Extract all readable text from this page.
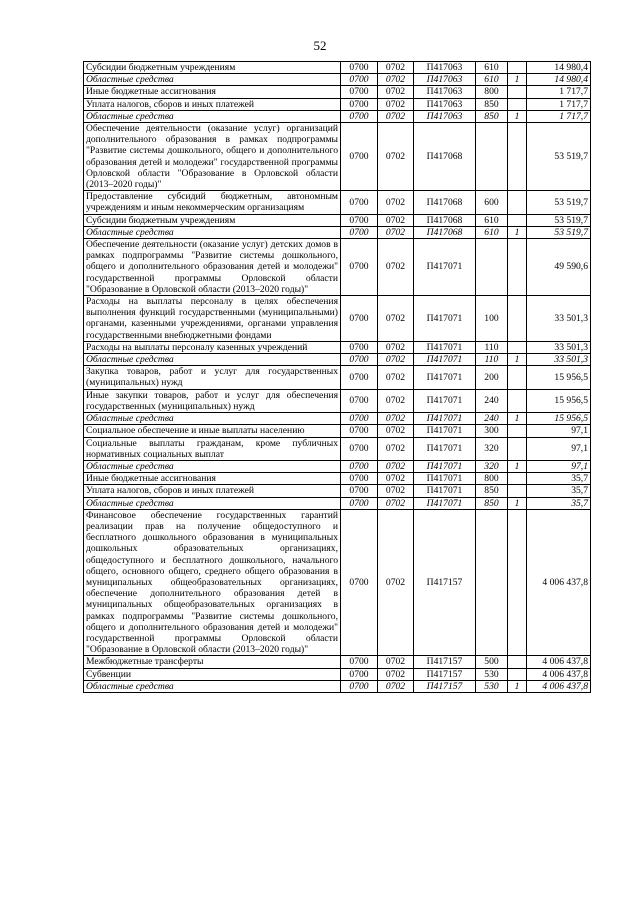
52
Субсидии бюджетным учреждениям	0700	0702	П417063	610		14 980,4
Областные средства	0700	0702	П417063	610	1	14 980,4
Иные бюджетные ассигнования	0700	0702	П417063	800		1 717,7
Уплата налогов, сборов и иных платежей	0700	0702	П417063	850		1 717,7
Областные средства	0700	0702	П417063	850	1	1 717,7
Обеспечение деятельности (оказание услуг) организаций дополнительного образования в рамках подпрограммы "Развитие системы дошкольного, общего и дополнительного образования детей и молодежи" государственной программы Орловской области "Образование в Орловской области (2013–2020 годы)"	0700	0702	П417068			53 519,7
Предоставление субсидий бюджетным, автономным учреждениям и иным некоммерческим организациям	0700	0702	П417068	600		53 519,7
Субсидии бюджетным учреждениям	0700	0702	П417068	610		53 519,7
Областные средства	0700	0702	П417068	610	1	53 519,7
Обеспечение деятельности (оказание услуг) детских домов в рамках подпрограммы "Развитие системы дошкольного, общего и дополнительного образования детей и молодежи" государственной программы Орловской области "Образование в Орловской области (2013–2020 годы)"	0700	0702	П417071			49 590,6
Расходы на выплаты персоналу в целях обеспечения выполнения функций государственными (муниципальными) органами, казенными учреждениями, органами управления государственными внебюджетными фондами	0700	0702	П417071	100		33 501,3
Расходы на выплаты персоналу казенных учреждений	0700	0702	П417071	110		33 501,3
Областные средства	0700	0702	П417071	110	1	33 501,3
Закупка товаров, работ и услуг для государственных (муниципальных) нужд	0700	0702	П417071	200		15 956,5
Иные закупки товаров, работ и услуг для обеспечения государственных (муниципальных) нужд	0700	0702	П417071	240		15 956,5
Областные средства	0700	0702	П417071	240	1	15 956,5
Социальное обеспечение и иные выплаты населению	0700	0702	П417071	300		97,1
Социальные выплаты гражданам, кроме публичных нормативных социальных выплат	0700	0702	П417071	320		97,1
Областные средства	0700	0702	П417071	320	1	97,1
Иные бюджетные ассигнования	0700	0702	П417071	800		35,7
Уплата налогов, сборов и иных платежей	0700	0702	П417071	850		35,7
Областные средства	0700	0702	П417071	850	1	35,7
Финансовое обеспечение государственных гарантий реализации прав на получение общедоступного и бесплатного дошкольного образования в муниципальных дошкольных образовательных организациях, общедоступного и бесплатного дошкольного, начального общего, основного общего, среднего общего образования в муниципальных общеобразовательных организациях, обеспечение дополнительного образования детей в муниципальных общеобразовательных организациях в рамках подпрограммы "Развитие системы дошкольного, общего и дополнительного образования детей и молодежи" государственной программы Орловской области "Образование в Орловской области (2013–2020 годы)"	0700	0702	П417157			4 006 437,8
Межбюджетные трансферты	0700	0702	П417157	500		4 006 437,8
Субвенции	0700	0702	П417157	530		4 006 437,8
Областные средства	0700	0702	П417157	530	1	4 006 437,8
